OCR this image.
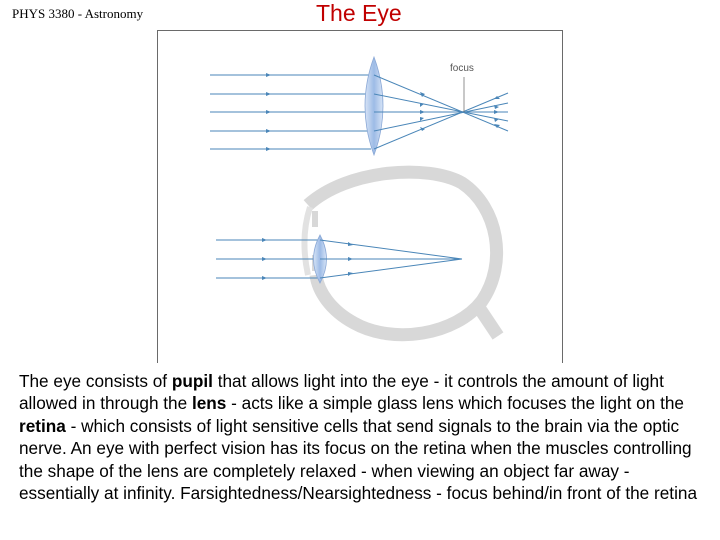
PHYS 3380 - Astronomy	The Eye
focus
The eye consists of pupil that allows light into the eye - it controls the amount of light allowed in through the lens - acts like a simple glass lens which focuses the light on the retina - which consists of light sensitive cells that send signals to the brain via the optic nerve. An eye with perfect vision has its focus on the retina when the muscles controlling the shape of the lens are completely relaxed - when viewing an object far away - essentially at infinity. Farsightedness/Nearsightedness - focus behind/in front of the retina
